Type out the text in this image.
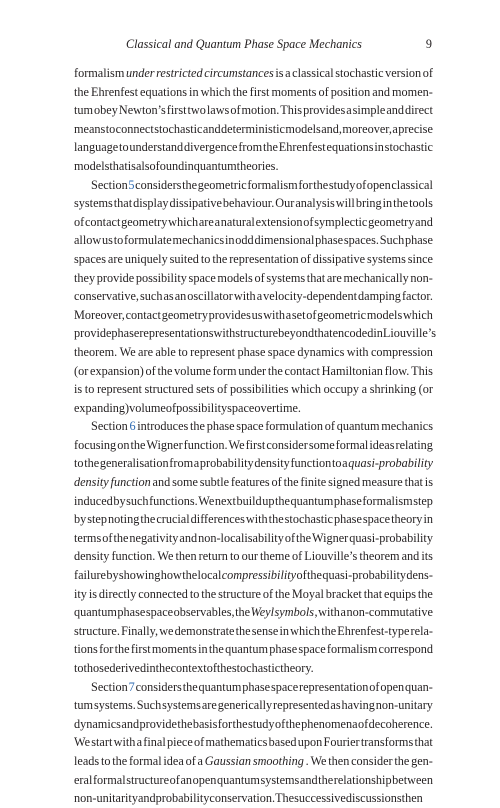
Classical and Quantum Phase Space Mechanics	9
formalism under restricted circumstances is a classical stochastic version of
the Ehrenfest equations in which the first moments of position and momen-
tum obey Newton’s first two laws of motion. This provides a simple and direct
means to connect stochastic and deterministic models and, moreover, a precise
language to understand divergence from the Ehrenfest equations in stochastic
models that is also found in quantum theories.
Section 5 considers the geometric formalism for the study of open classical
systems that display dissipative behaviour. Our analysis will bring in the tools
of contact geometry which are a natural extension of symplectic geometry and
allow us to formulate mechanics in odd dimensional phase spaces. Such phase
spaces are uniquely suited to the representation of dissipative systems since
they provide possibility space models of systems that are mechanically non-
conservative, such as an oscillator with a velocity-dependent damping factor.
Moreover, contact geometry provides us with a set of geometric models which
provide phase representations with structure beyond that encoded in Liouville’s
theorem. We are able to represent phase space dynamics with compression
(or expansion) of the volume form under the contact Hamiltonian flow. This
is to represent structured sets of possibilities which occupy a shrinking (or
expanding) volume of possibility space over time.
Section 6 introduces the phase space formulation of quantum mechanics
focusing on the Wigner function. We first consider some formal ideas relating
to the generalisation from a probability density function to a quasi-probability
density function and some subtle features of the finite signed measure that is
induced by such functions. We next build up the quantum phase formalism step
by step noting the crucial differences with the stochastic phase space theory in
terms of the negativity and non-localisability of the Wigner quasi-probability
density function. We then return to our theme of Liouville’s theorem and its
failure by showing how the local compressibility of the quasi-probability dens-
ity is directly connected to the structure of the Moyal bracket that equips the
quantum phase space observables, the Weyl symbols , with a non-commutative
structure. Finally, we demonstrate the sense in which the Ehrenfest-type rela-
tions for the first moments in the quantum phase space formalism correspond
to those derived in the context of the stochastic theory.
Section 7 considers the quantum phase space representation of open quan-
tum systems. Such systems are generically represented as having non-unitary
dynamics and provide the basis for the study of the phenomena of decoherence.
We start with a final piece of mathematics based upon Fourier transforms that
leads to the formal idea of a Gaussian smoothing . We then consider the gen-
eral formal structure of an open quantum systems and the relationship between
non-unitarity and probability conservation. The successive discussions then
